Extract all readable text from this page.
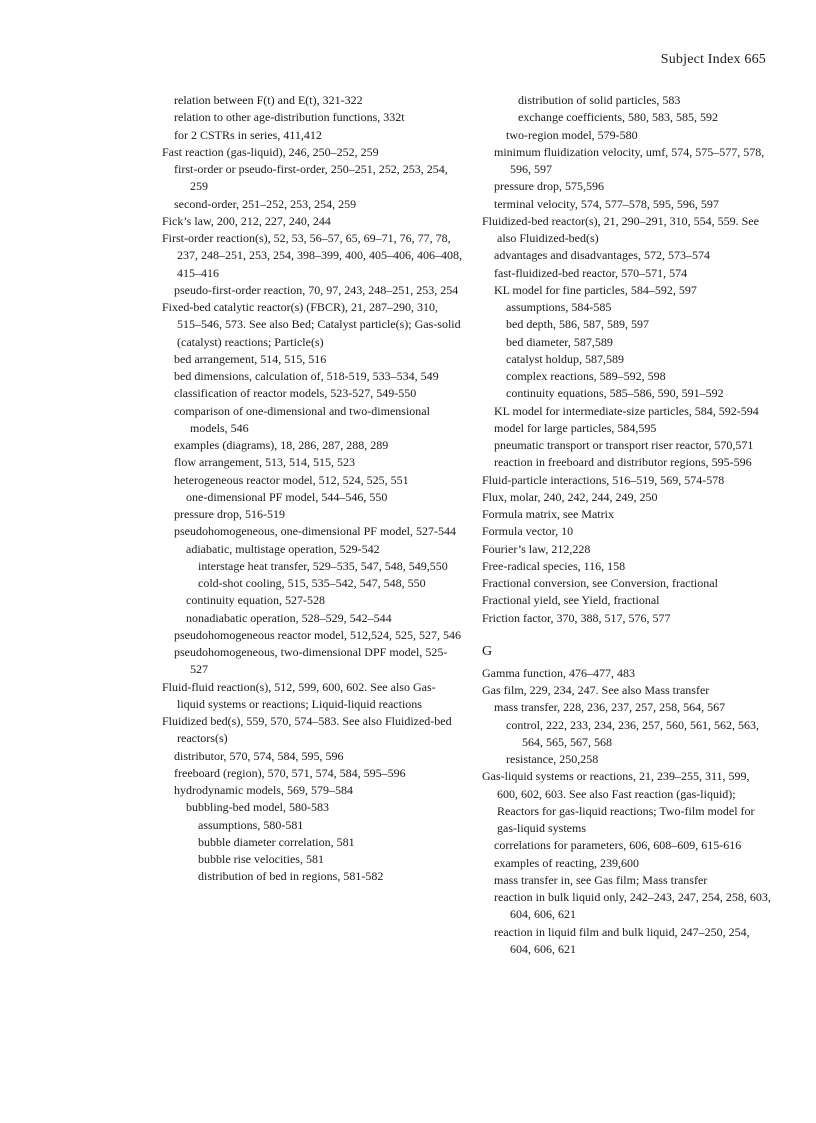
Subject Index 665
relation between F(t) and E(t), 321-322
relation to other age-distribution functions, 332t
for 2 CSTRs in series, 411,412
Fast reaction (gas-liquid), 246, 250–252, 259
first-order or pseudo-first-order, 250–251, 252, 253, 254, 259
second-order, 251–252, 253, 254, 259
Fick’s law, 200, 212, 227, 240, 244
First-order reaction(s), 52, 53, 56–57, 65, 69–71, 76, 77, 78, 237, 248–251, 253, 254, 398–399, 400, 405–406, 406–408, 415–416
pseudo-first-order reaction, 70, 97, 243, 248–251, 253, 254
Fixed-bed catalytic reactor(s) (FBCR), 21, 287–290, 310, 515–546, 573. See also Bed; Catalyst particle(s); Gas-solid (catalyst) reactions; Particle(s)
bed arrangement, 514, 515, 516
bed dimensions, calculation of, 518-519, 533–534, 549
classification of reactor models, 523-527, 549-550
comparison of one-dimensional and two-dimensional models, 546
examples (diagrams), 18, 286, 287, 288, 289
flow arrangement, 513, 514, 515, 523
heterogeneous reactor model, 512, 524, 525, 551
one-dimensional PF model, 544–546, 550
pressure drop, 516-519
pseudohomogeneous, one-dimensional PF model, 527-544
adiabatic, multistage operation, 529-542
interstage heat transfer, 529–535, 547, 548, 549,550
cold-shot cooling, 515, 535–542, 547, 548, 550
continuity equation, 527-528
nonadiabatic operation, 528–529, 542–544
pseudohomogeneous reactor model, 512,524, 525, 527, 546
pseudohomogeneous, two-dimensional DPF model, 525-527
Fluid-fluid reaction(s), 512, 599, 600, 602. See also Gas-liquid systems or reactions; Liquid-liquid reactions
Fluidized bed(s), 559, 570, 574–583. See also Fluidized-bed reactors(s)
distributor, 570, 574, 584, 595, 596
freeboard (region), 570, 571, 574, 584, 595–596
hydrodynamic models, 569, 579–584
bubbling-bed model, 580-583
assumptions, 580-581
bubble diameter correlation, 581
bubble rise velocities, 581
distribution of bed in regions, 581-582
distribution of solid particles, 583
exchange coefficients, 580, 583, 585, 592
two-region model, 579-580
minimum fluidization velocity, umf, 574, 575–577, 578, 596, 597
pressure drop, 575,596
terminal velocity, 574, 577–578, 595, 596, 597
Fluidized-bed reactor(s), 21, 290–291, 310, 554, 559. See also Fluidized-bed(s)
advantages and disadvantages, 572, 573–574
fast-fluidized-bed reactor, 570–571, 574
KL model for fine particles, 584–592, 597
assumptions, 584-585
bed depth, 586, 587, 589, 597
bed diameter, 587,589
catalyst holdup, 587,589
complex reactions, 589–592, 598
continuity equations, 585–586, 590, 591–592
KL model for intermediate-size particles, 584, 592-594
model for large particles, 584,595
pneumatic transport or transport riser reactor, 570,571
reaction in freeboard and distributor regions, 595-596
Fluid-particle interactions, 516–519, 569, 574-578
Flux, molar, 240, 242, 244, 249, 250
Formula matrix, see Matrix
Formula vector, 10
Fourier’s law, 212,228
Free-radical species, 116, 158
Fractional conversion, see Conversion, fractional
Fractional yield, see Yield, fractional
Friction factor, 370, 388, 517, 576, 577
G
Gamma function, 476–477, 483
Gas film, 229, 234, 247. See also Mass transfer
mass transfer, 228, 236, 237, 257, 258, 564, 567
control, 222, 233, 234, 236, 257, 560, 561, 562, 563, 564, 565, 567, 568
resistance, 250,258
Gas-liquid systems or reactions, 21, 239–255, 311, 599, 600, 602, 603. See also Fast reaction (gas-liquid); Reactors for gas-liquid reactions; Two-film model for gas-liquid systems
correlations for parameters, 606, 608–609, 615-616
examples of reacting, 239,600
mass transfer in, see Gas film; Mass transfer
reaction in bulk liquid only, 242–243, 247, 254, 258, 603, 604, 606, 621
reaction in liquid film and bulk liquid, 247–250, 254, 604, 606, 621
